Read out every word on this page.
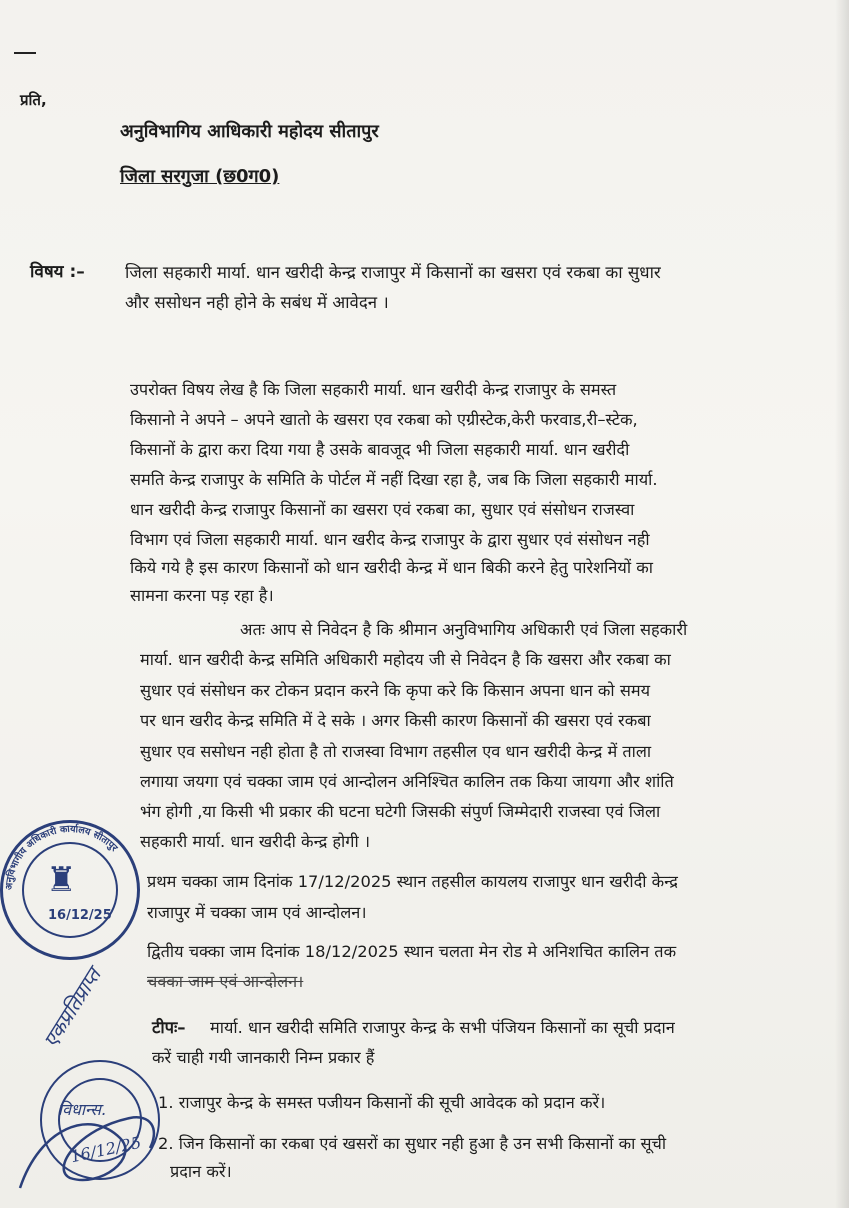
प्रति,
अनुविभागिय आधिकारी महोदय सीतापुर
जिला सरगुजा (छ0ग0)
विषय :– जिला सहकारी मार्या. धान खरीदी केन्द्र राजापुर में किसानों का खसरा एवं रकबा का सुधार
और ससोधन नही होने के सबंध में आवेदन ।
उपरोक्त विषय लेख है कि जिला सहकारी मार्या. धान खरीदी केन्द्र राजापुर के समस्त
किसानो ने अपने – अपने खातो के खसरा एव रकबा को एग्रीस्टेक,केरी फरवाड,री–स्टेक,
किसानों के द्वारा करा दिया गया है उसके बावजूद भी जिला सहकारी मार्या. धान खरीदी
समति केन्द्र राजापुर के समिति के पोर्टल में नहीं दिखा रहा है, जब कि जिला सहकारी मार्या.
धान खरीदी केन्द्र राजापुर किसानों का खसरा एवं रकबा का, सुधार एवं संसोधन राजस्वा
विभाग एवं जिला सहकारी मार्या. धान खरीद केन्द्र राजापुर के द्वारा सुधार एवं संसोधन नही
किये गये है इस कारण किसानों को धान खरीदी केन्द्र में धान बिकी करने हेतु पारेशनियों का
सामना करना पड़ रहा है।
अतः आप से निवेदन है कि श्रीमान अनुविभागिय अधिकारी एवं जिला सहकारी
मार्या. धान खरीदी केन्द्र समिति अधिकारी महोदय जी से निवेदन है कि खसरा और रकबा का
सुधार एवं संसोधन कर टोकन प्रदान करने कि कृपा करे कि किसान अपना धान को समय
पर धान खरीद केन्द्र समिति में दे सके । अगर किसी कारण किसानों की खसरा एवं रकबा
सुधार एव ससोधन नही होता है तो राजस्वा विभाग तहसील एव धान खरीदी केन्द्र में ताला
लगाया जयगा एवं चक्का जाम एवं आन्दोलन अनिश्चित कालिन तक किया जायगा और शांति
भंग होगी ,या किसी भी प्रकार की घटना घटेगी जिसकी संपुर्ण जिम्मेदारी राजस्वा एवं जिला
सहकारी मार्या. धान खरीदी केन्द्र होगी ।
प्रथम चक्का जाम दिनांक 17/12/2025 स्थान तहसील कायलय राजापुर धान खरीदी केन्द्र
राजापुर में चक्का जाम एवं आन्दोलन।
द्वितीय चक्का जाम दिनांक 18/12/2025 स्थान चलता मेन रोड मे अनिशचित कालिन तक
चक्का जाम एवं आन्दोलन।
टीपः– मार्या. धान खरीदी समिति राजापुर केन्द्र के सभी पंजियन किसानों का सूची प्रदान
करें चाही गयी जानकारी निम्न प्रकार हैं
1. राजापुर केन्द्र के समस्त पजीयन किसानों की सूची आवेदक को प्रदान करें।
2. जिन किसानों का रकबा एवं खसरों का सुधार नही हुआ है उन सभी किसानों का सूची
प्रदान करें।
अनुविभागीय अधिकारी कार्यालय सीतापुर
♜
16/12/25
एकप्रतिप्राप्त
विधान्स.
16/12/25
